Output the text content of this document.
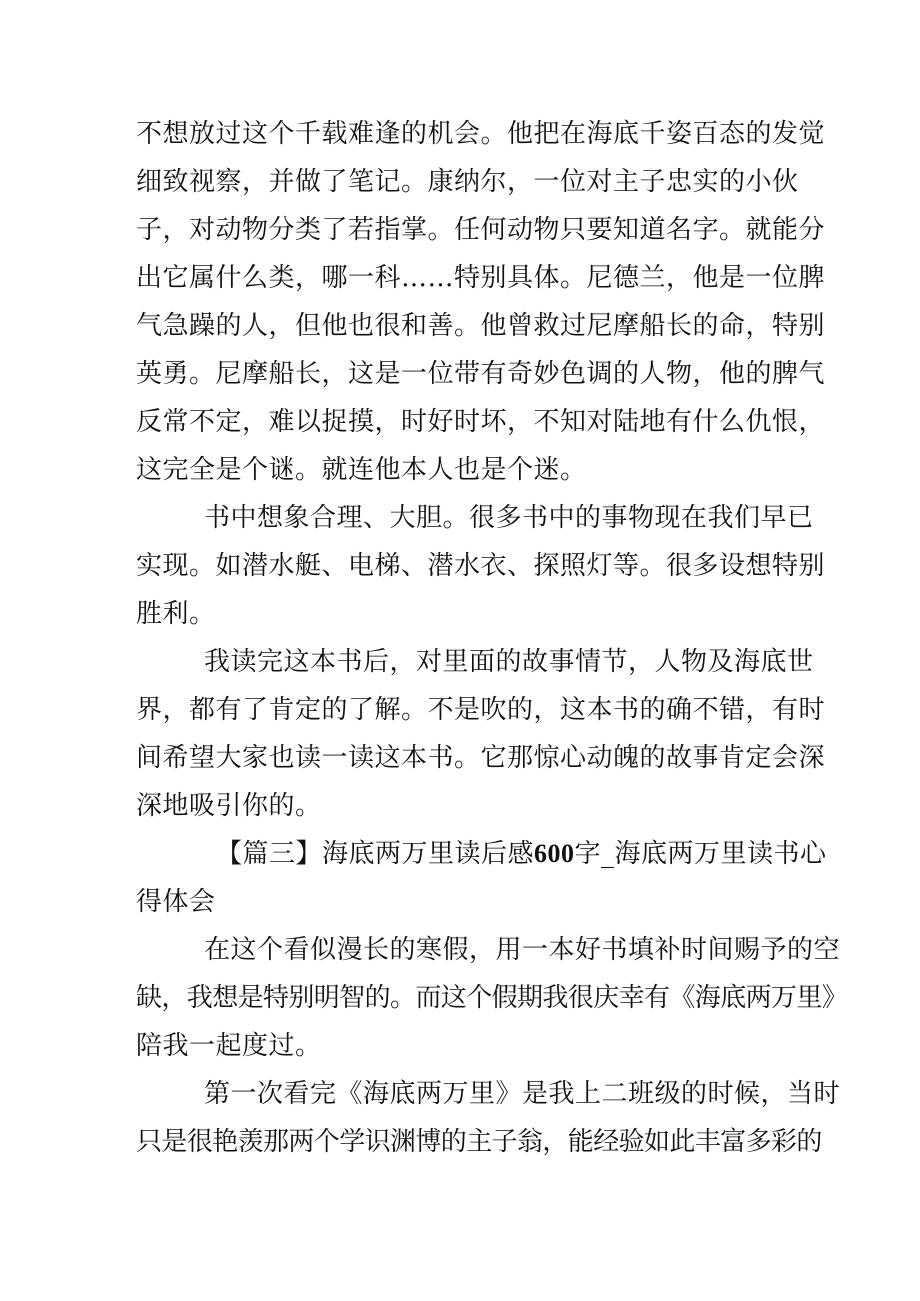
不想放过这个千载难逢的机会。他把在海底千姿百态的发觉
细致视察，并做了笔记。康纳尔，一位对主子忠实的小伙
子，对动物分类了若指掌。任何动物只要知道名字。就能分
出它属什么类，哪一科……特别具体。尼德兰，他是一位脾
气急躁的人，但他也很和善。他曾救过尼摩船长的命，特别
英勇。尼摩船长，这是一位带有奇妙色调的人物，他的脾气
反常不定，难以捉摸，时好时坏，不知对陆地有什么仇恨，
这完全是个谜。就连他本人也是个迷。
书中想象合理、大胆。很多书中的事物现在我们早已
实现。如潜水艇、电梯、潜水衣、探照灯等。很多设想特别
胜利。
我读完这本书后，对里面的故事情节，人物及海底世
界，都有了肯定的了解。不是吹的，这本书的确不错，有时
间希望大家也读一读这本书。它那惊心动魄的故事肯定会深
深地吸引你的。
【篇三】海底两万里读后感600字_海底两万里读书心
得体会
在这个看似漫长的寒假，用一本好书填补时间赐予的空
缺，我想是特别明智的。而这个假期我很庆幸有《海底两万里》
陪我一起度过。
第一次看完《海底两万里》是我上二班级的时候，当时
只是很艳羡那两个学识渊博的主子翁，能经验如此丰富多彩的
